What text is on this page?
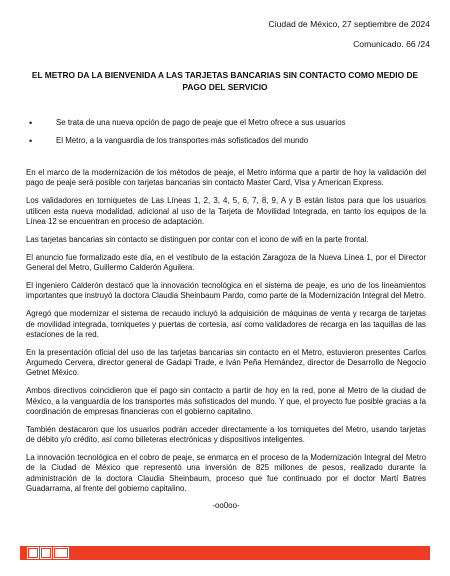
Ciudad de México, 27 septiembre de 2024
Comunicado. 66 /24
EL METRO DA LA BIENVENIDA A LAS TARJETAS BANCARIAS SIN CONTACTO COMO MEDIO DE PAGO DEL SERVICIO
•	Se trata de una nueva opción de pago de peaje que el Metro ofrece a sus usuarios
•	El Metro, a la vanguardia de los transportes más sofisticados del mundo

En el marco de la modernización de los métodos de peaje, el Metro informa que a partir de hoy la validación del pago de peaje será posible con tarjetas bancarias sin contacto Master Card, Visa y American Express.

Los validadores en torniquetes de Las Líneas 1, 2, 3, 4, 5, 6, 7, 8, 9, A y B están listos para que los usuarios utilicen esta nueva modalidad, adicional al uso de la Tarjeta de Movilidad Integrada, en tanto los equipos de la Línea 12 se encuentran en proceso de adaptación.

Las tarjetas bancarias sin contacto se distinguen por contar con el icono de wifi en la parte frontal.

El anuncio fue formalizado este día, en el vestíbulo de la estación Zaragoza de la Nueva Línea 1, por el Director General del Metro, Guillermo Calderón Aguilera.

El ingeniero Calderón destacó que la innovación tecnológica en el sistema de peaje, es uno de los lineamientos importantes que instruyó la doctora Claudia Sheinbaum Pardo, como parte de la Modernización Integral del Metro.

Agregó que modernizar el sistema de recaudo incluyó la adquisición de máquinas de venta y recarga de tarjetas de movilidad integrada, torniquetes y puertas de cortesía, así como validadores de recarga en las taquillas de las estaciones de la red.

En la presentación oficial del uso de las tarjetas bancarias sin contacto en el Metro, estuvieron presentes Carlos Argumedo Cervera, director general de Gadapi Trade, e Iván Peña Hernández, director de Desarrollo de Negocio Getnet México.

Ambos directivos coincidieron que el pago sin contacto a partir de hoy en la red, pone al Metro de la ciudad de México, a la vanguardia de los transportes más sofisticados del mundo. Y que, el proyecto fue posible gracias a la coordinación de empresas financieras con el gobierno capitalino.

También destacaron que los usuarios podrán acceder directamente a los torniquetes del Metro, usando tarjetas de débito y/o crédito, así como billeteras electrónicas y dispositivos inteligentes.

La innovación tecnológica en el cobro de peaje, se enmarca en el proceso de la Modernización Integral del Metro de la Ciudad de México que representó una inversión de 825 millones de pesos, realizado durante la administración de la doctora Claudia Sheinbaum, proceso que fue continuado por el doctor Martí Batres Guadarrama, al frente del gobierno capitalino.

-oo0oo-
